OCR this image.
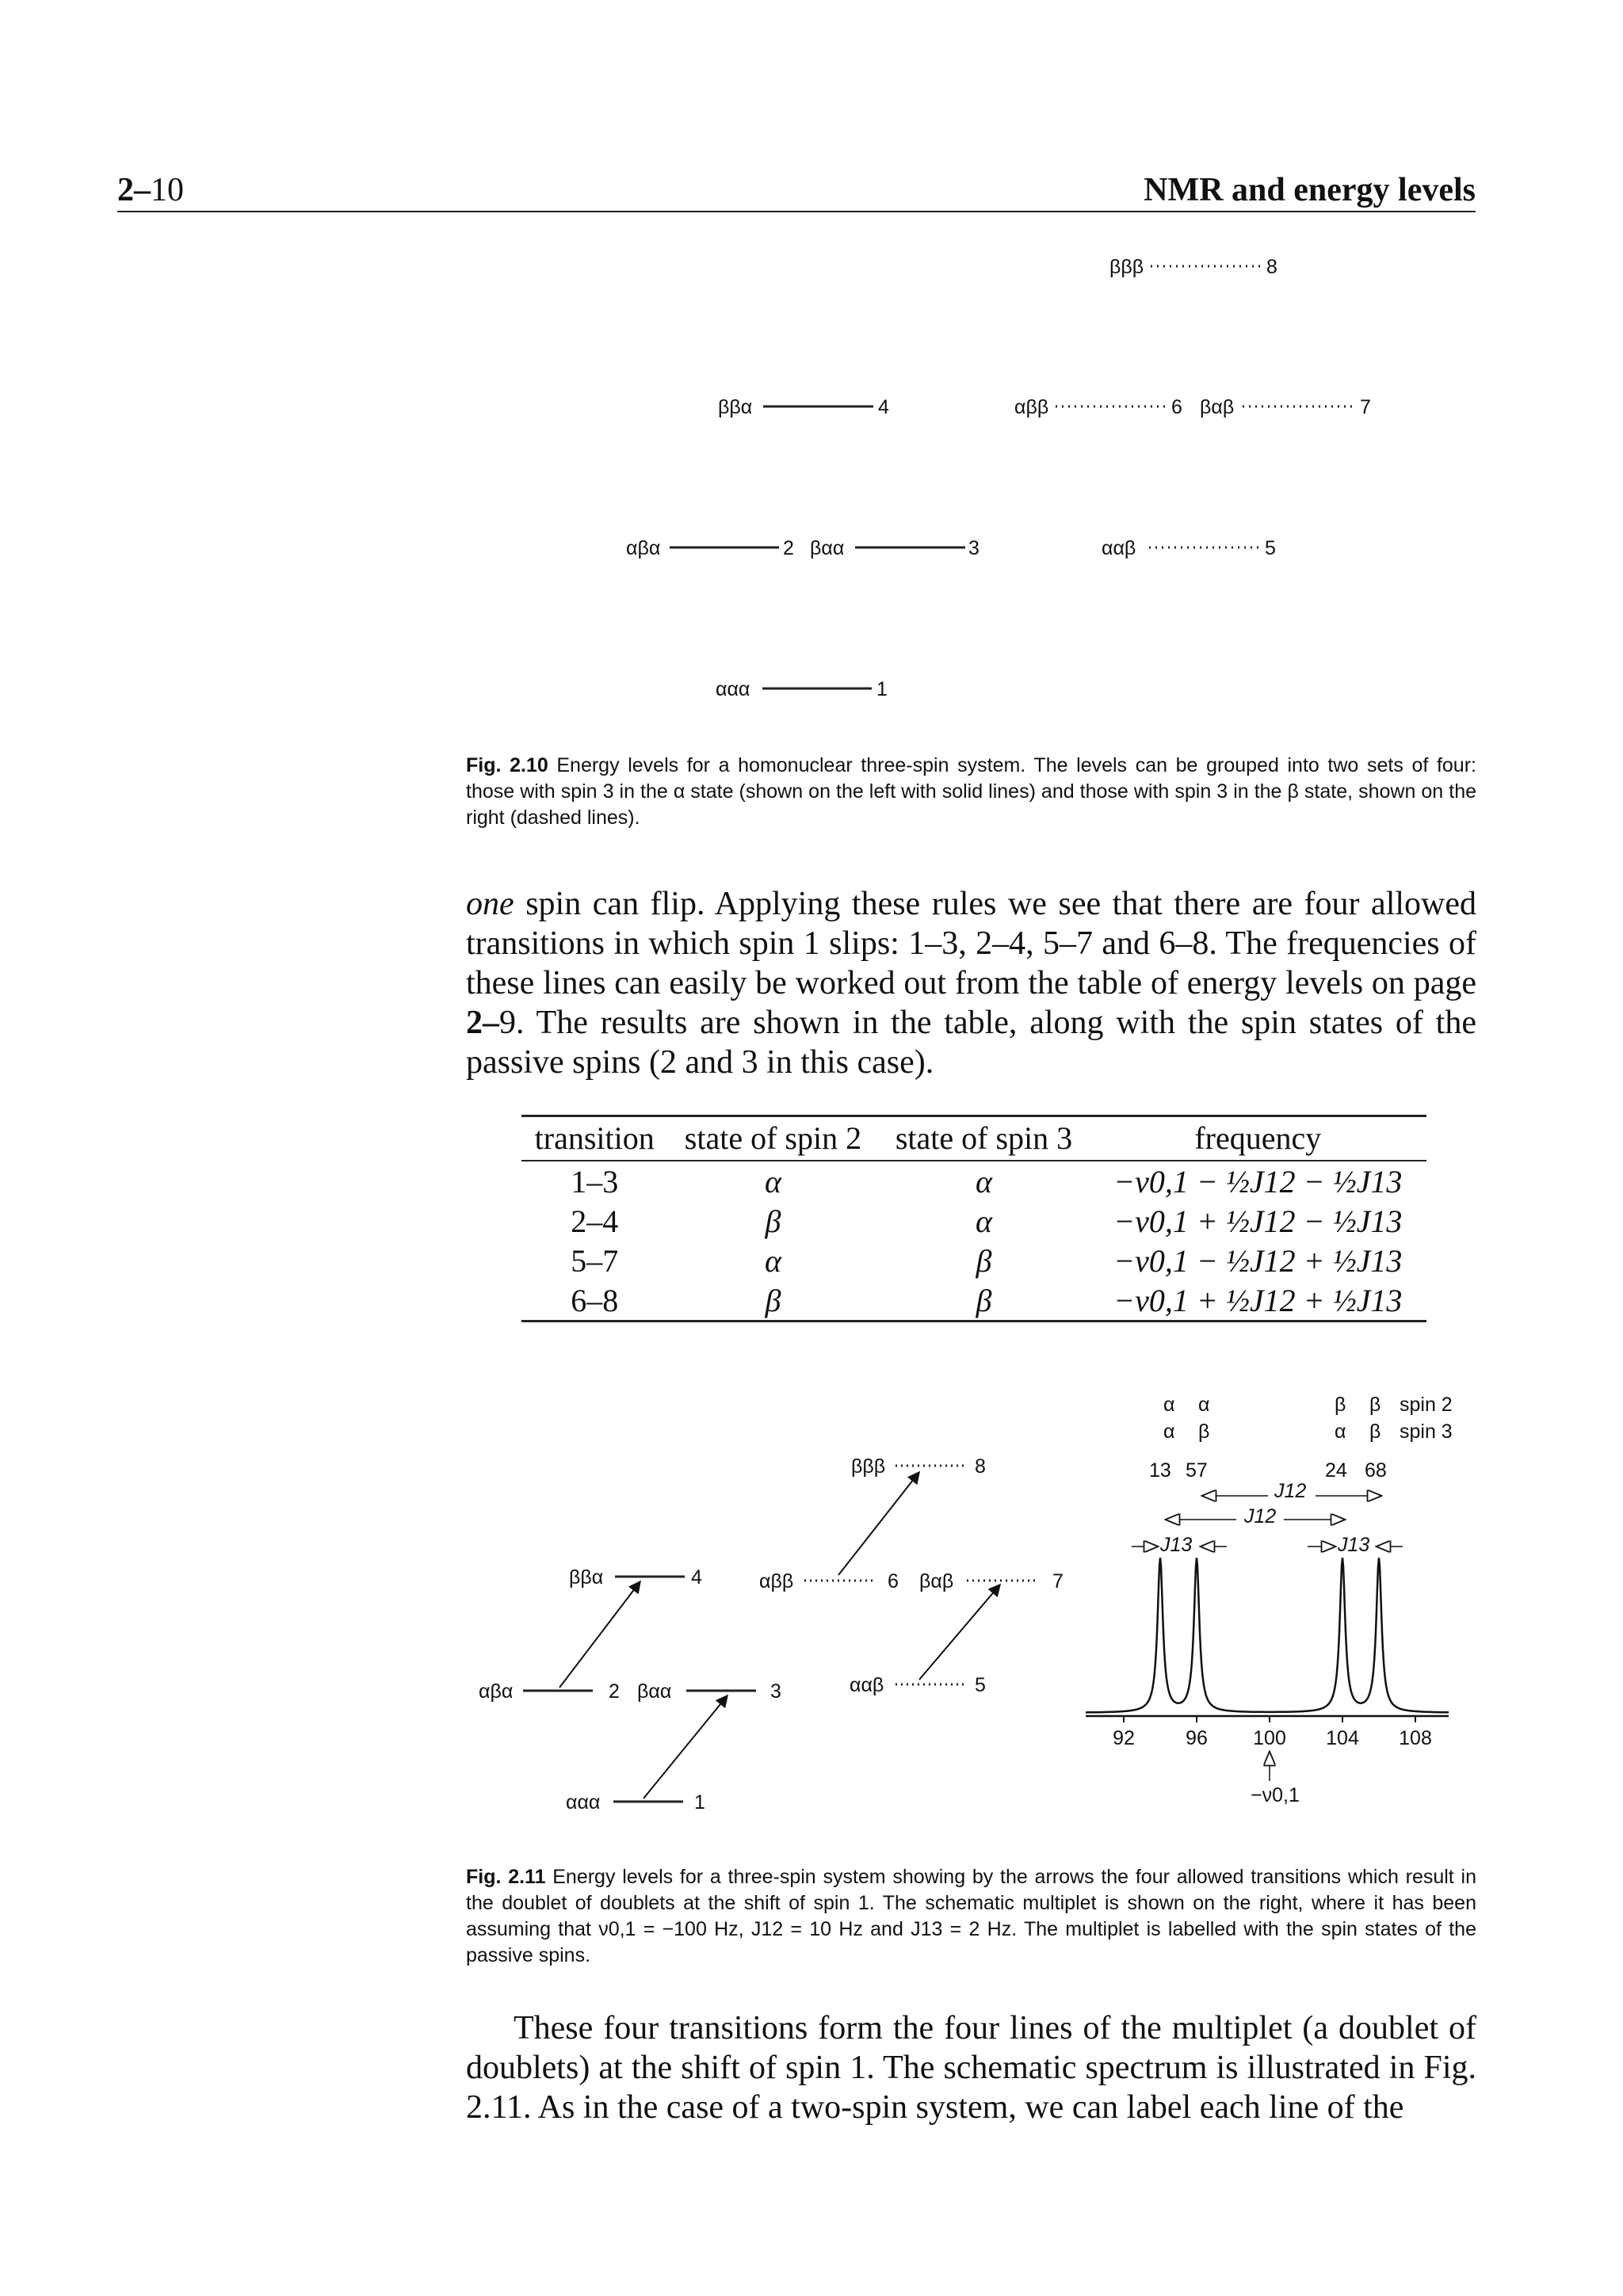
2–10	NMR and energy levels
βββ	8
ββα	4	αββ	6 βαβ	7
αβα	2 βαα	3	ααβ	5
ααα	1
Fig. 2.10 Energy levels for a homonuclear three-spin system. The levels can be grouped into two sets of four: those with spin 3 in the α state (shown on the left with solid lines) and those with spin 3 in the β state, shown on the right (dashed lines).
one spin can flip. Applying these rules we see that there are four allowed transitions in which spin 1 slips: 1–3, 2–4, 5–7 and 6–8. The frequencies of these lines can easily be worked out from the table of energy levels on page 2–9. The results are shown in the table, along with the spin states of the passive spins (2 and 3 in this case).
transition	state of spin 2	state of spin 3	frequency
1–3	α	α	−ν0,1 − ½J12 − ½J13
2–4	β	α	−ν0,1 + ½J12 − ½J13
5–7	α	β	−ν0,1 − ½J12 + ½J13
6–8	β	β	−ν0,1 + ½J12 + ½J13
βββ	8
ββα	4	αββ	6 βαβ	7
αβα	2 βαα	3	ααβ	5
ααα	1
α α	β β spin 2
α β	α β spin 3
13 57	24 68
J12
J12
J13	J13
92	96 100 104 108
−ν0,1
Fig. 2.11 Energy levels for a three-spin system showing by the arrows the four allowed transitions which result in the doublet of doublets at the shift of spin 1. The schematic multiplet is shown on the right, where it has been assuming that ν0,1 = −100 Hz, J12 = 10 Hz and J13 = 2 Hz. The multiplet is labelled with the spin states of the passive spins.
These four transitions form the four lines of the multiplet (a doublet of doublets) at the shift of spin 1. The schematic spectrum is illustrated in Fig. 2.11. As in the case of a two-spin system, we can label each line of the
